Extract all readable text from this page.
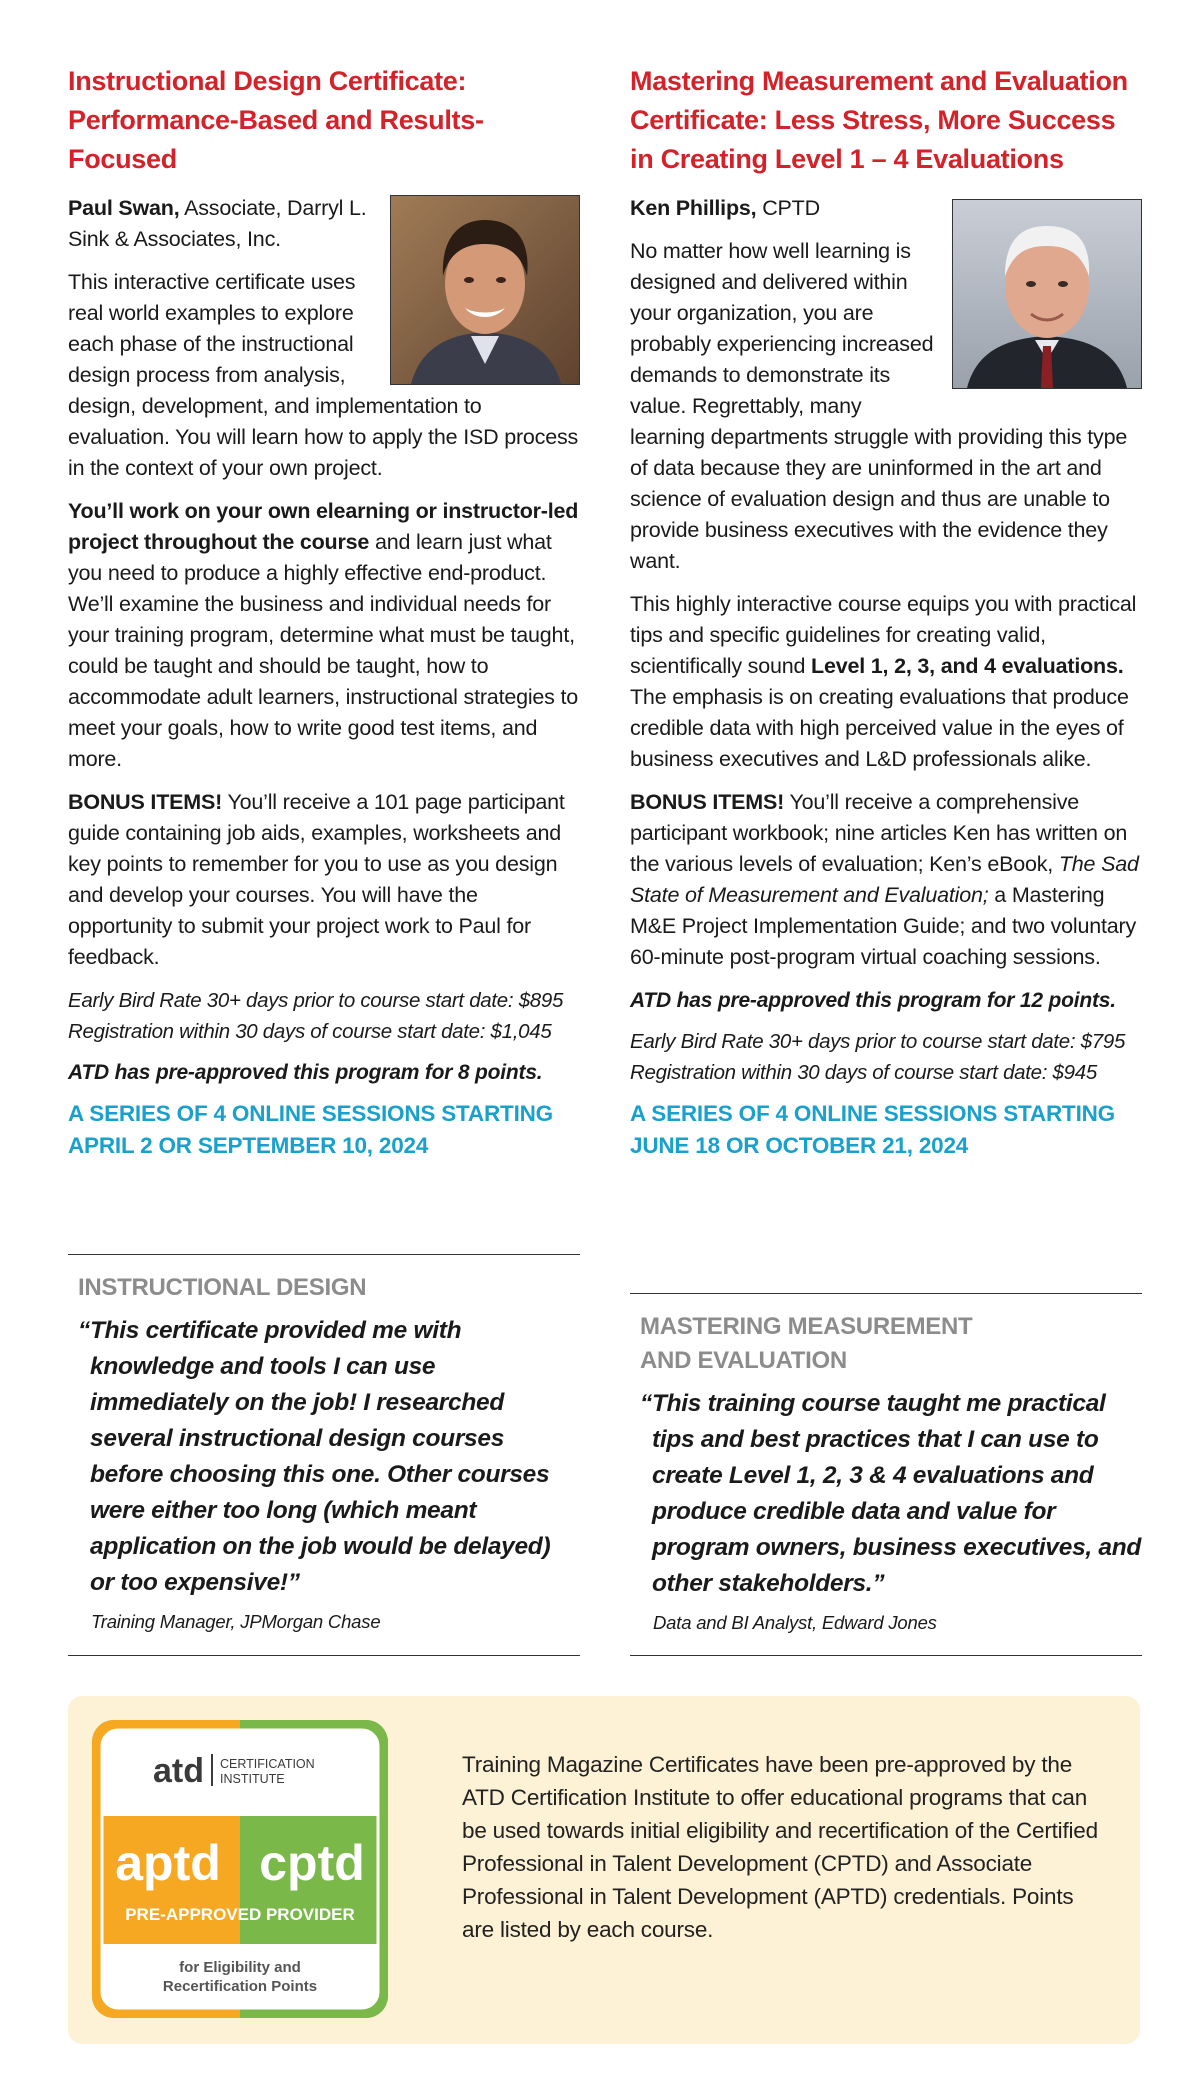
Instructional Design Certificate: Performance-Based and Results-Focused

Paul Swan, Associate, Darryl L. Sink & Associates, Inc.

This interactive certificate uses real world examples to explore each phase of the instructional design process from analysis, design, development, and implementation to evaluation. You will learn how to apply the ISD process in the context of your own project.

You’ll work on your own elearning or instructor-led project throughout the course and learn just what you need to produce a highly effective end-product. We’ll examine the business and individual needs for your training program, determine what must be taught, could be taught and should be taught, how to accommodate adult learners, instructional strategies to meet your goals, how to write good test items, and more.

BONUS ITEMS! You’ll receive a 101 page participant guide containing job aids, examples, worksheets and key points to remember for you to use as you design and develop your courses. You will have the opportunity to submit your project work to Paul for feedback.

Early Bird Rate 30+ days prior to course start date: $895

Registration within 30 days of course start date: $1,045

ATD has pre-approved this program for 8 points.

A SERIES OF 4 ONLINE SESSIONS STARTING APRIL 2 OR SEPTEMBER 10, 2024

INSTRUCTIONAL DESIGN

“This certificate provided me with knowledge and tools I can use immediately on the job! I researched several instructional design courses before choosing this one. Other courses were either too long (which meant application on the job would be delayed) or too expensive!”

Training Manager, JPMorgan Chase

Mastering Measurement and Evaluation Certificate: Less Stress, More Success in Creating Level 1 – 4 Evaluations

Ken Phillips, CPTD

No matter how well learning is designed and delivered within your organization, you are probably experiencing increased demands to demonstrate its value. Regrettably, many learning departments struggle with providing this type of data because they are uninformed in the art and science of evaluation design and thus are unable to provide business executives with the evidence they want.

This highly interactive course equips you with practical tips and specific guidelines for creating valid, scientifically sound Level 1, 2, 3, and 4 evaluations. The emphasis is on creating evaluations that produce credible data with high perceived value in the eyes of business executives and L&D professionals alike.

BONUS ITEMS! You’ll receive a comprehensive participant workbook; nine articles Ken has written on the various levels of evaluation; Ken’s eBook, The Sad State of Measurement and Evaluation; a Mastering M&E Project Implementation Guide; and two voluntary 60-minute post-program virtual coaching sessions.

ATD has pre-approved this program for 12 points.

Early Bird Rate 30+ days prior to course start date: $795

Registration within 30 days of course start date: $945

A SERIES OF 4 ONLINE SESSIONS STARTING JUNE 18 OR OCTOBER 21, 2024

MASTERING MEASUREMENT AND EVALUATION

“This training course taught me practical tips and best practices that I can use to create Level 1, 2, 3 & 4 evaluations and produce credible data and value for program owners, business executives, and other stakeholders.”

Data and BI Analyst, Edward Jones

atd CERTIFICATION
INSTITUTE
aptd cptd
PRE-APPROVED PROVIDER
for Eligibility and
Recertification Points

Training Magazine Certificates have been pre-approved by the ATD Certification Institute to offer educational programs that can be used towards initial eligibility and recertification of the Certified Professional in Talent Development (CPTD) and Associate Professional in Talent Development (APTD) credentials. Points are listed by each course.
